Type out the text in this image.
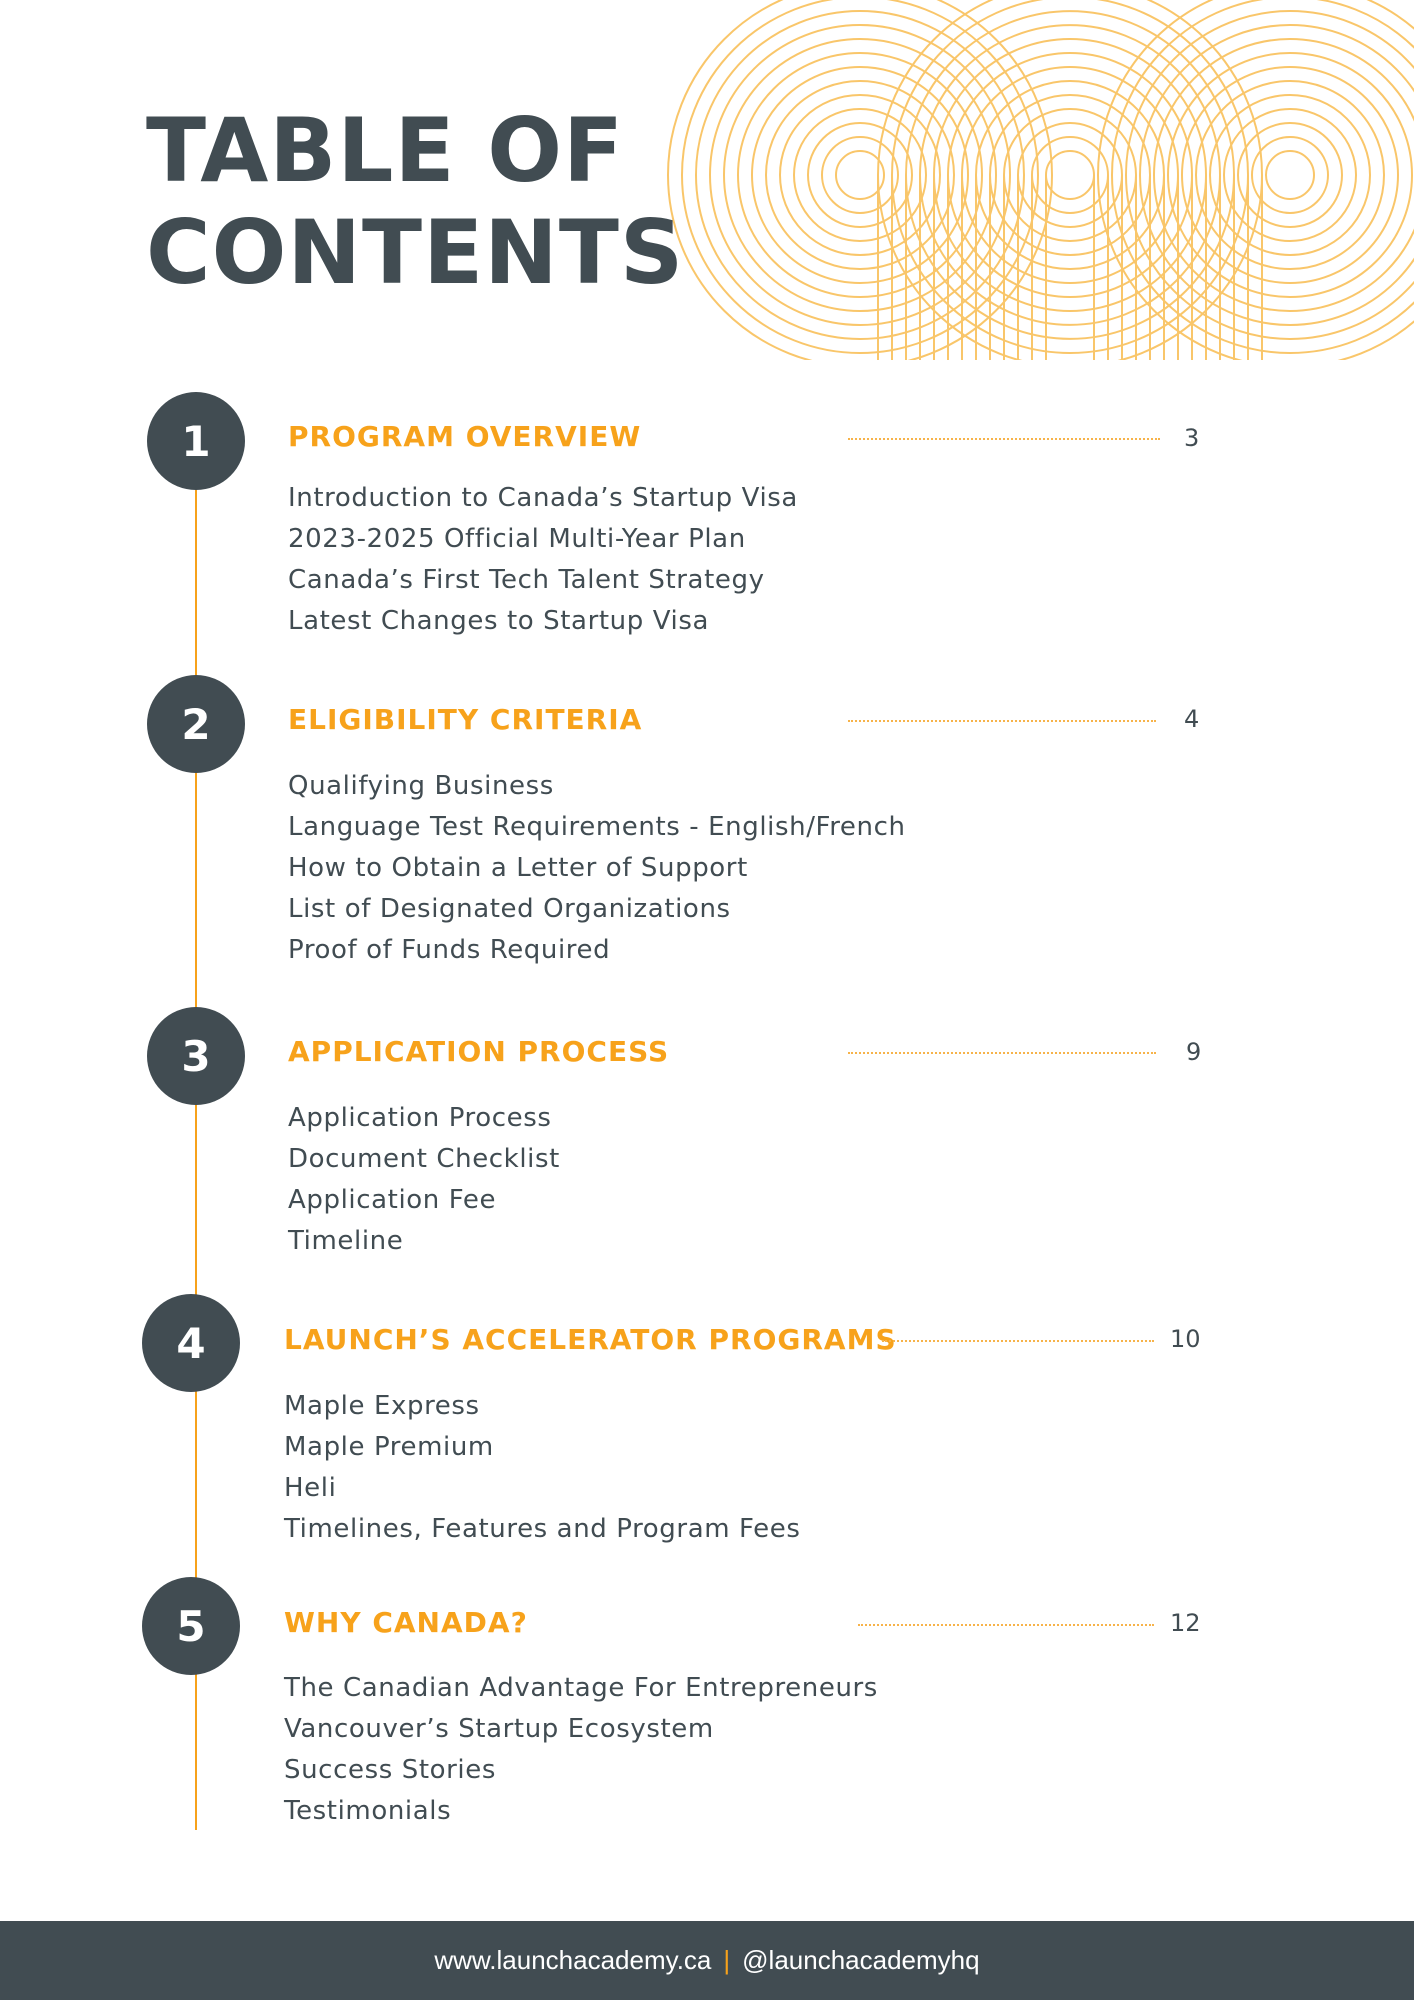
TABLE OF
CONTENTS
1	PROGRAM OVERVIEW	3
Introduction to Canada’s Startup Visa
2023-2025 Official Multi-Year Plan
Canada’s First Tech Talent Strategy
Latest Changes to Startup Visa
2	ELIGIBILITY CRITERIA	4
Qualifying Business
Language Test Requirements - English/French
How to Obtain a Letter of Support
List of Designated Organizations
Proof of Funds Required
3	APPLICATION PROCESS	9
Application Process
Document Checklist
Application Fee
Timeline
4	LAUNCH’S ACCELERATOR PROGRAMS	10
Maple Express
Maple Premium
Heli
Timelines, Features and Program Fees
5	WHY CANADA?	12
The Canadian Advantage For Entrepreneurs
Vancouver’s Startup Ecosystem
Success Stories
Testimonials
www.launchacademy.ca | @launchacademyhq
